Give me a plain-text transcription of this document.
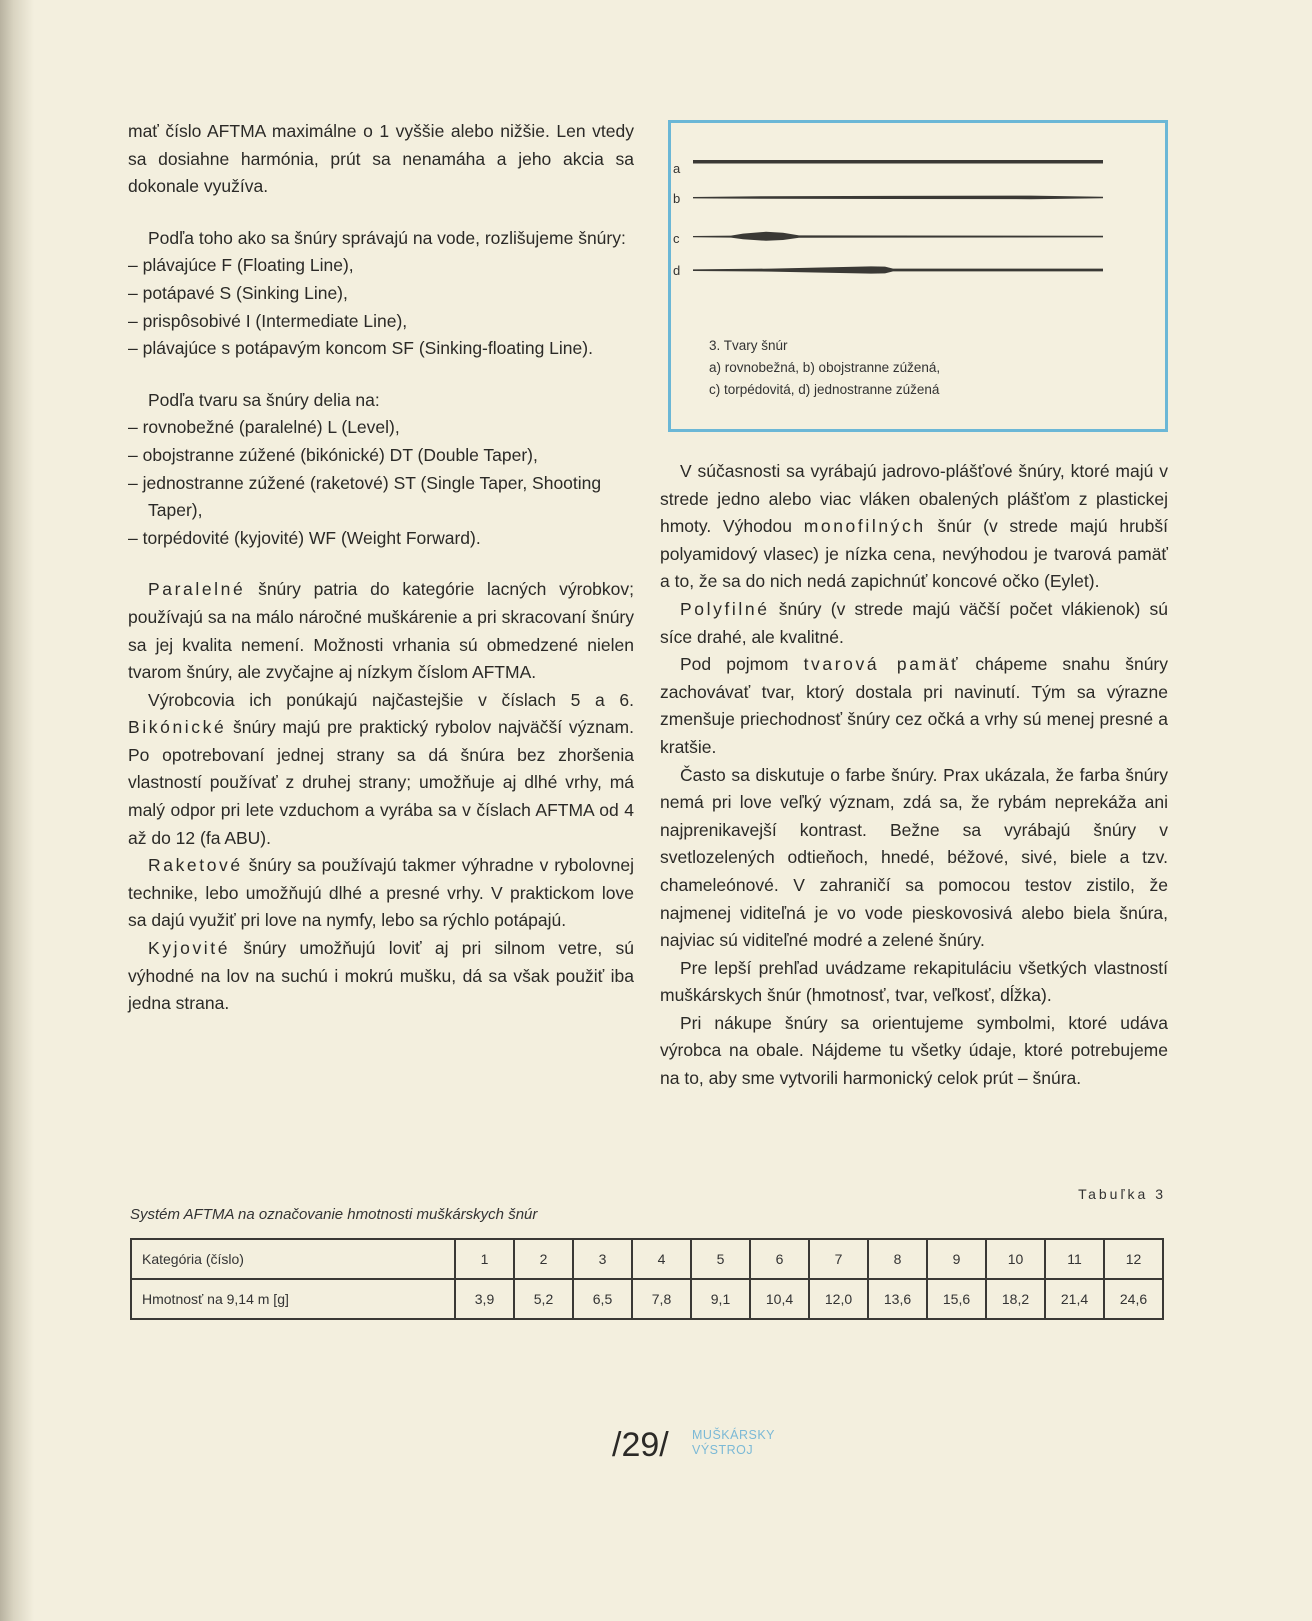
mať číslo AFTMA maximálne o 1 vyššie alebo nižšie. Len vtedy sa dosiahne harmónia, prút sa nenamáha a jeho akcia sa dokonale využíva.

Podľa toho ako sa šnúry správajú na vode, rozlišujeme šnúry:

– plávajúce F (Floating Line),
– potápavé S (Sinking Line),
– prispôsobivé I (Intermediate Line),
– plávajúce s potápavým koncom SF (Sinking-floating Line).

Podľa tvaru sa šnúry delia na:

– rovnobežné (paralelné) L (Level),
– obojstranne zúžené (bikónické) DT (Double Taper),
– jednostranne zúžené (raketové) ST (Single Taper, Shooting Taper),
– torpédovité (kyjovité) WF (Weight Forward).

Paralelné šnúry patria do kategórie lacných výrobkov; používajú sa na málo náročné muškárenie a pri skracovaní šnúry sa jej kvalita nemení. Možnosti vrhania sú obmedzené nielen tvarom šnúry, ale zvyčajne aj nízkym číslom AFTMA.

Výrobcovia ich ponúkajú najčastejšie v číslach 5 a 6. Bikónické šnúry majú pre praktický rybolov najväčší význam. Po opotrebovaní jednej strany sa dá šnúra bez zhoršenia vlastností používať z druhej strany; umožňuje aj dlhé vrhy, má malý odpor pri lete vzduchom a vyrába sa v číslach AFTMA od 4 až do 12 (fa ABU).

Raketové šnúry sa používajú takmer výhradne v rybolovnej technike, lebo umožňujú dlhé a presné vrhy. V praktickom love sa dajú využiť pri love na nymfy, lebo sa rýchlo potápajú.

Kyjovité šnúry umožňujú loviť aj pri silnom vetre, sú výhodné na lov na suchú i mokrú mušku, dá sa však použiť iba jedna strana.

a
b
c
d
3. Tvary šnúr
a) rovnobežná, b) obojstranne zúžená,
c) torpédovitá, d) jednostranne zúžená

V súčasnosti sa vyrábajú jadrovo-plášťové šnúry, ktoré majú v strede jedno alebo viac vláken obalených plášťom z plastickej hmoty. Výhodou monofilných šnúr (v strede majú hrubší polyamidový vlasec) je nízka cena, nevýhodou je tvarová pamäť a to, že sa do nich nedá zapichnúť koncové očko (Eylet).

Polyfilné šnúry (v strede majú väčší počet vlákienok) sú síce drahé, ale kvalitné.

Pod pojmom tvarová pamäť chápeme snahu šnúry zachovávať tvar, ktorý dostala pri navinutí. Tým sa výrazne zmenšuje priechodnosť šnúry cez očká a vrhy sú menej presné a kratšie.

Často sa diskutuje o farbe šnúry. Prax ukázala, že farba šnúry nemá pri love veľký význam, zdá sa, že rybám neprekáža ani najprenikavejší kontrast. Bežne sa vyrábajú šnúry v svetlozelených odtieňoch, hnedé, béžové, sivé, biele a tzv. chameleónové. V zahraničí sa pomocou testov zistilo, že najmenej viditeľná je vo vode pieskovosivá alebo biela šnúra, najviac sú viditeľné modré a zelené šnúry.

Pre lepší prehľad uvádzame rekapituláciu všetkých vlastností muškárskych šnúr (hmotnosť, tvar, veľkosť, dĺžka).

Pri nákupe šnúry sa orientujeme symbolmi, ktoré udáva výrobca na obale. Nájdeme tu všetky údaje, ktoré potrebujeme na to, aby sme vytvorili harmonický celok prút – šnúra.

Tabuľka 3
Systém AFTMA na označovanie hmotnosti muškárskych šnúr
Kategória (číslo)	1	2	3	4	5	6	7	8	9	10	11	12
Hmotnosť na 9,14 m [g]	3,9	5,2	6,5	7,8	9,1	10,4	12,0	13,6	15,6	18,2	21,4	24,6
/29/ MUŠKÁRSKY
VÝSTROJ
